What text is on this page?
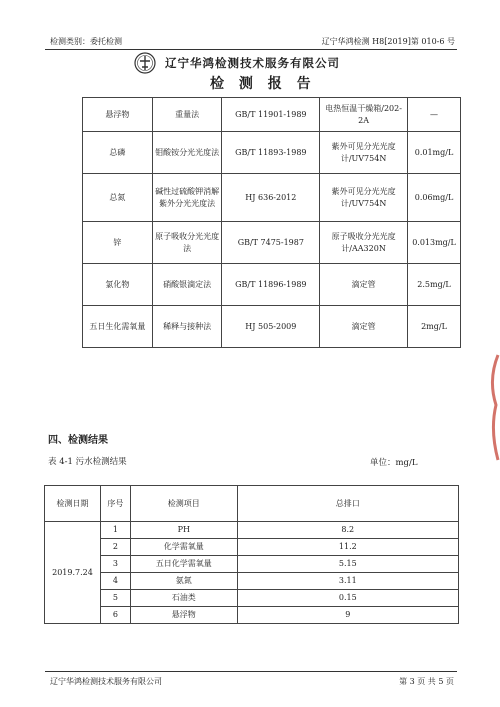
检测类别：委托检测	辽宁华鸿检测 H8[2019]第 010-6 号
辽宁华鸿检测技术服务有限公司
检 测 报 告
悬浮物	重量法	GB/T 11901-1989	电热恒温干燥箱/202-2A	—
总磷	钼酸铵分光光度法	GB/T 11893-1989	紫外可见分光光度计/UV754N	0.01mg/L
总氮	碱性过硫酸钾消解紫外分光光度法	HJ 636-2012	紫外可见分光光度计/UV754N	0.06mg/L
锌	原子吸收分光光度法	GB/T 7475-1987	原子吸收分光光度计/AA320N	0.013mg/L
氯化物	硝酸银滴定法	GB/T 11896-1989	滴定管	2.5mg/L
五日生化需氧量	稀释与接种法	HJ 505-2009	滴定管	2mg/L
四、检测结果
表 4-1 污水检测结果	单位：mg/L
检测日期	序号	检测项目	总排口
2019.7.24	1	PH	8.2
	2	化学需氧量	11.2
	3	五日化学需氧量	5.15
	4	氨氮	3.11
	5	石油类	0.15
	6	悬浮物	9
辽宁华鸿检测技术服务有限公司	第 3 页 共 5 页
